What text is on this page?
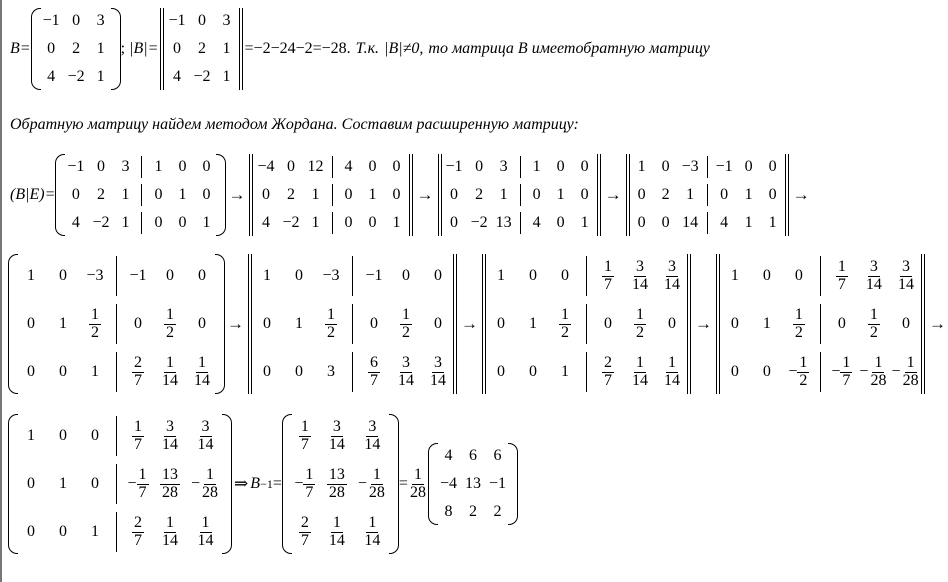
B=
−1 0 3
0 2 1
4 −2 1
; |B|=
−1 0 3
0 2 1
4 −2 1
=−2−24−2=−28. Т.к. |B|≠0, то матрица B имеетобратную матрицу
Обратную матрицу найдем методом Жордана. Составим расширенную матрицу:
(B|E)=
−1 0 3 1 0 0
0 2 1 0 1 0
4 −2 1 0 0 1
→
−4 0 12 4 0 0
0 2 1 0 1 0
4 −2 1 0 0 1
→
−1 0 3 1 0 0
0 2 1 0 1 0
0 −2 13 4 0 1
→
1 0 −3 −1 0 0
0 2 1 0 1 0
0 0 14 4 1 1
→
1 0 −3 −1 0 0
0 1
1
2 0
1
2 0
0 0 1
2
7
1
14
1
14
→
1 0 −3 −1 0 0
0 1
1
2 0
1
2 0
0 0 3
6
7
3
14
3
14
→
1 0 0
1
7
3
14
3
14
0 1
1
2 0
1
2 0
0 0 1
2
7
1
14
1
14
→
1 0 0
1
7
3
14
3
14
0 1
1
2 0
1
2 0
0 $0 - \frac{1}{2} - \frac{1}{7} - \frac{1}{28} - \frac{1}{28}$
→
1 0 0
1
7
3
14
3
14
0 1 $0 - \frac{1}{7} 13$
$28 - \frac{1}{28}$
0 0 1
2
7
1
14
1
14
⇒ B −1 =
1
7
3
14
3
14
− $\frac{1}{7} 13$
$28 - \frac{1}{28}$
2
7
1
14
1
14
= $\frac{1}{28}$
4 6 6
−4 13 −1
8 2 2
